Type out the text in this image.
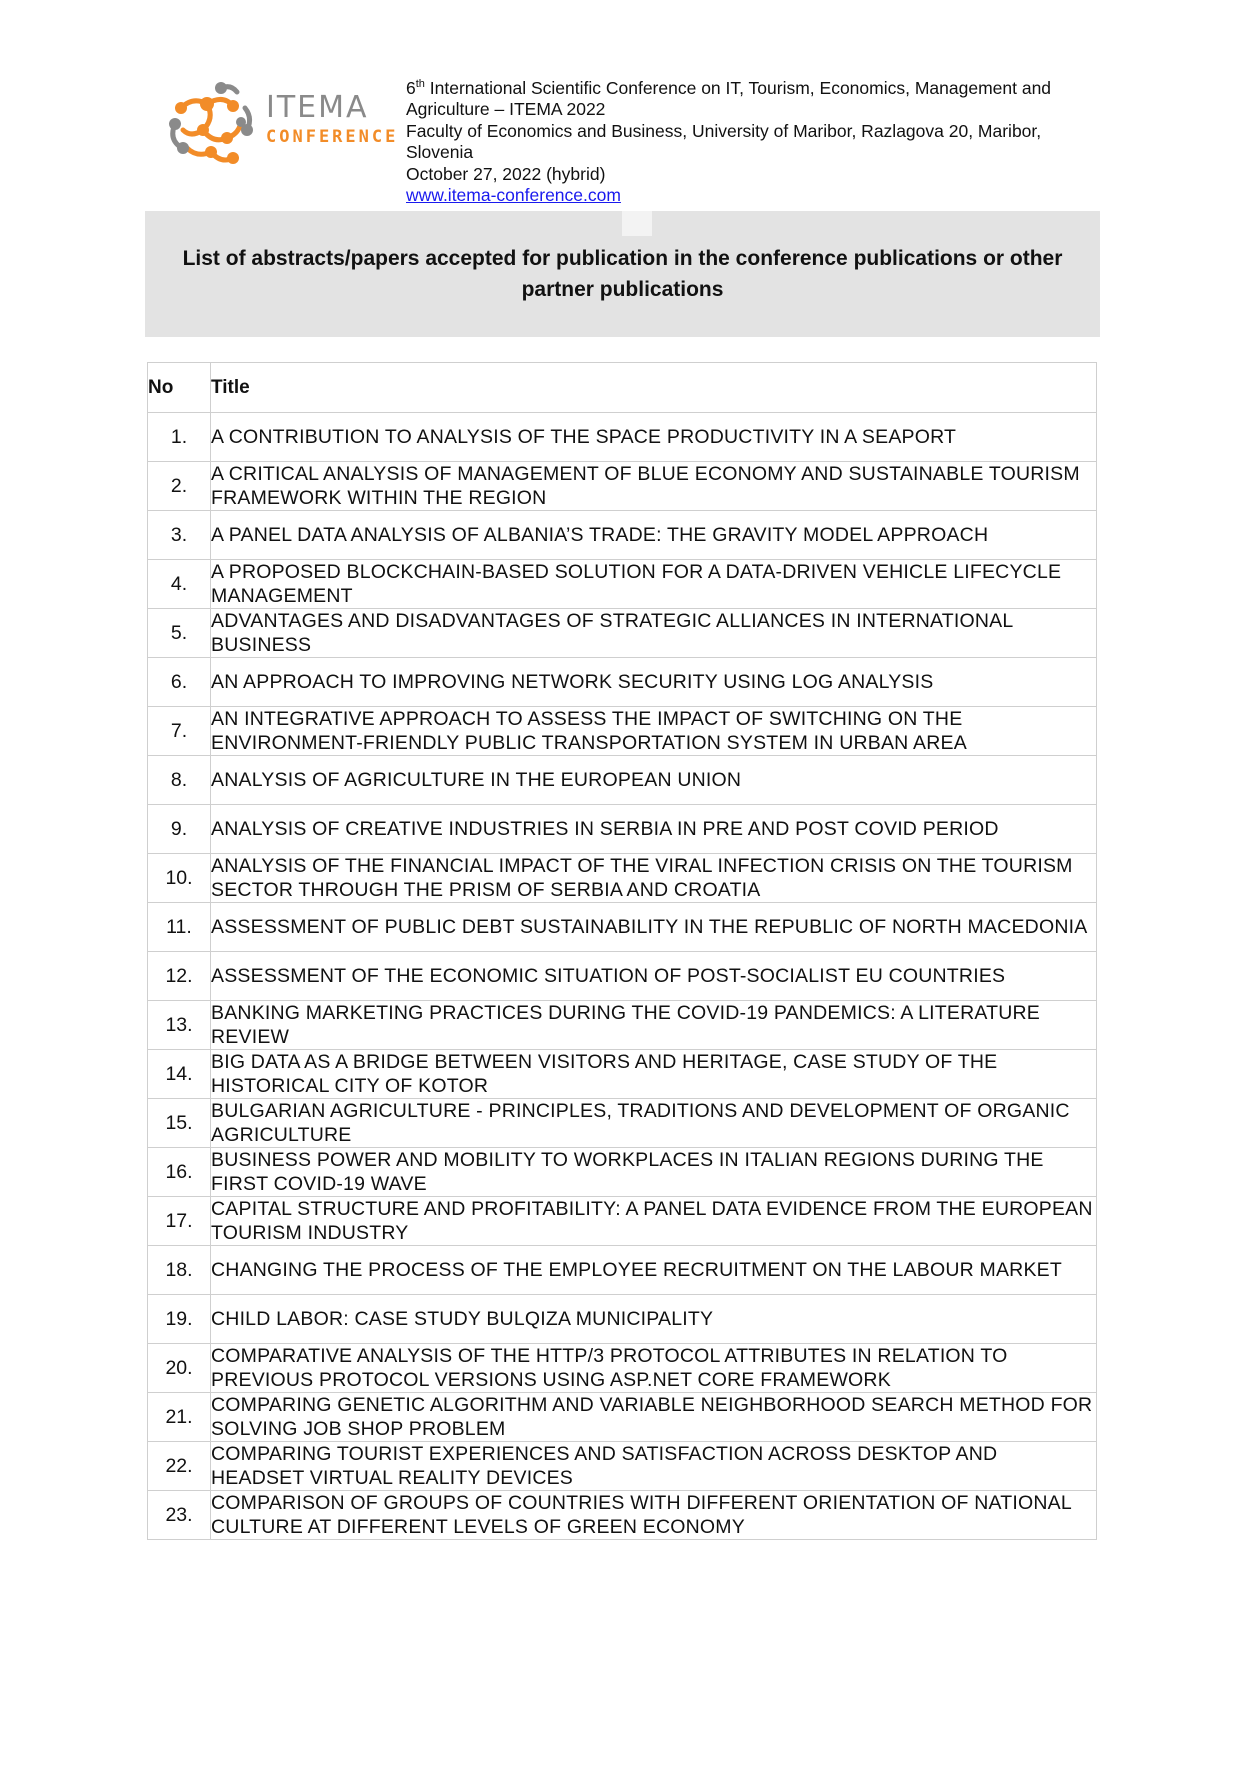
ITEMA
CONFERENCE
6th International Scientific Conference on IT, Tourism, Economics, Management and Agriculture – ITEMA 2022
Faculty of Economics and Business, University of Maribor, Razlagova 20, Maribor, Slovenia
October 27, 2022 (hybrid)
www.itema-conference.com
List of abstracts/papers accepted for publication in the conference publications or other partner publications
No	Title
1.	A CONTRIBUTION TO ANALYSIS OF THE SPACE PRODUCTIVITY IN A SEAPORT
2.	A CRITICAL ANALYSIS OF MANAGEMENT OF BLUE ECONOMY AND SUSTAINABLE TOURISM FRAMEWORK WITHIN THE REGION
3.	A PANEL DATA ANALYSIS OF ALBANIA’S TRADE: THE GRAVITY MODEL APPROACH
4.	A PROPOSED BLOCKCHAIN-BASED SOLUTION FOR A DATA-DRIVEN VEHICLE LIFECYCLE MANAGEMENT
5.	ADVANTAGES AND DISADVANTAGES OF STRATEGIC ALLIANCES IN INTERNATIONAL BUSINESS
6.	AN APPROACH TO IMPROVING NETWORK SECURITY USING LOG ANALYSIS
7.	AN INTEGRATIVE APPROACH TO ASSESS THE IMPACT OF SWITCHING ON THE ENVIRONMENT-FRIENDLY PUBLIC TRANSPORTATION SYSTEM IN URBAN AREA
8.	ANALYSIS OF AGRICULTURE IN THE EUROPEAN UNION
9.	ANALYSIS OF CREATIVE INDUSTRIES IN SERBIA IN PRE AND POST COVID PERIOD
10.	ANALYSIS OF THE FINANCIAL IMPACT OF THE VIRAL INFECTION CRISIS ON THE TOURISM SECTOR THROUGH THE PRISM OF SERBIA AND CROATIA
11.	ASSESSMENT OF PUBLIC DEBT SUSTAINABILITY IN THE REPUBLIC OF NORTH MACEDONIA
12.	ASSESSMENT OF THE ECONOMIC SITUATION OF POST-SOCIALIST EU COUNTRIES
13.	BANKING MARKETING PRACTICES DURING THE COVID-19 PANDEMICS: A LITERATURE REVIEW
14.	BIG DATA AS A BRIDGE BETWEEN VISITORS AND HERITAGE, CASE STUDY OF THE HISTORICAL CITY OF KOTOR
15.	BULGARIAN AGRICULTURE - PRINCIPLES, TRADITIONS AND DEVELOPMENT OF ORGANIC AGRICULTURE
16.	BUSINESS POWER AND MOBILITY TO WORKPLACES IN ITALIAN REGIONS DURING THE FIRST COVID-19 WAVE
17.	CAPITAL STRUCTURE AND PROFITABILITY: A PANEL DATA EVIDENCE FROM THE EUROPEAN TOURISM INDUSTRY
18.	CHANGING THE PROCESS OF THE EMPLOYEE RECRUITMENT ON THE LABOUR MARKET
19.	CHILD LABOR: CASE STUDY BULQIZA MUNICIPALITY
20.	COMPARATIVE ANALYSIS OF THE HTTP/3 PROTOCOL ATTRIBUTES IN RELATION TO PREVIOUS PROTOCOL VERSIONS USING ASP.NET CORE FRAMEWORK
21.	COMPARING GENETIC ALGORITHM AND VARIABLE NEIGHBORHOOD SEARCH METHOD FOR SOLVING JOB SHOP PROBLEM
22.	COMPARING TOURIST EXPERIENCES AND SATISFACTION ACROSS DESKTOP AND HEADSET VIRTUAL REALITY DEVICES
23.	COMPARISON OF GROUPS OF COUNTRIES WITH DIFFERENT ORIENTATION OF NATIONAL CULTURE AT DIFFERENT LEVELS OF GREEN ECONOMY
